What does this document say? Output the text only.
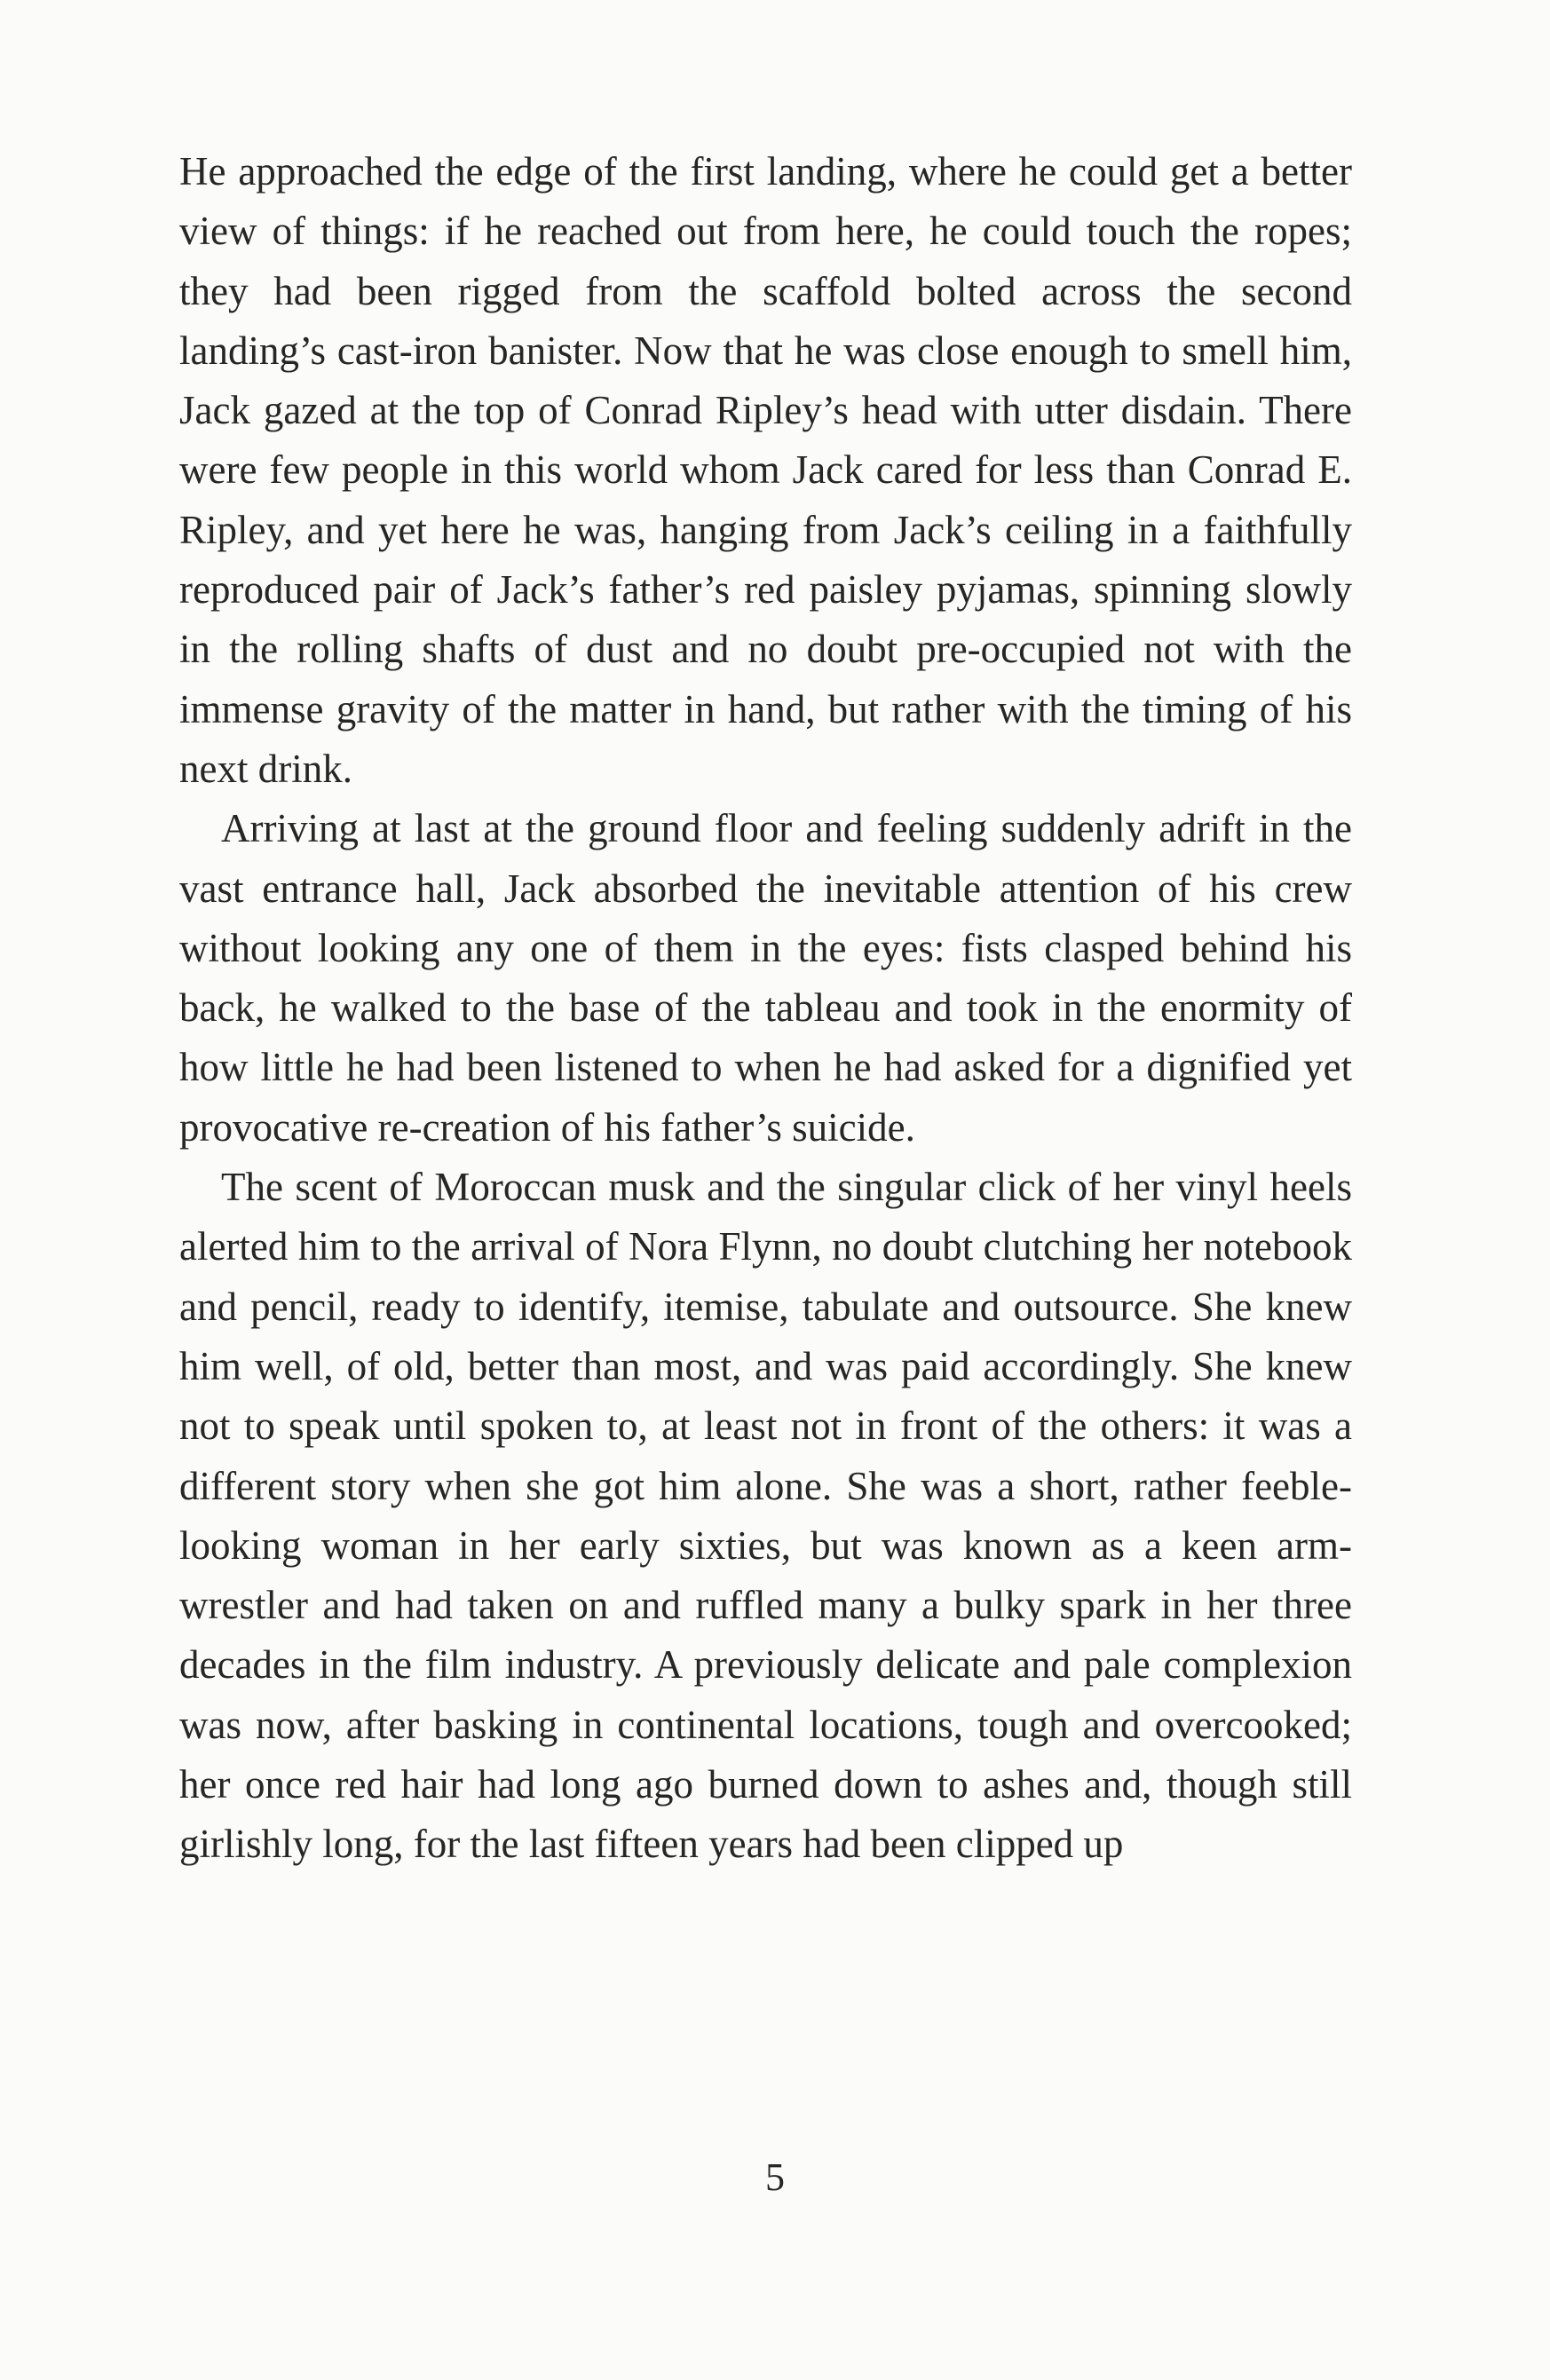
He approached the edge of the first landing, where he could get a better view of things: if he reached out from here, he could touch the ropes; they had been rigged from the scaffold bolted across the second landing’s cast-iron banister. Now that he was close enough to smell him, Jack gazed at the top of Conrad Ripley’s head with utter disdain. There were few people in this world whom Jack cared for less than Conrad E. Ripley, and yet here he was, hanging from Jack’s ceiling in a faithfully reproduced pair of Jack’s father’s red paisley pyjamas, spinning slowly in the rolling shafts of dust and no doubt pre-occupied not with the immense gravity of the matter in hand, but rather with the timing of his next drink.

Arriving at last at the ground floor and feeling suddenly adrift in the vast entrance hall, Jack absorbed the inevitable attention of his crew without looking any one of them in the eyes: fists clasped behind his back, he walked to the base of the tableau and took in the enormity of how little he had been listened to when he had asked for a dignified yet provocative re-creation of his father’s suicide.

The scent of Moroccan musk and the singular click of her vinyl heels alerted him to the arrival of Nora Flynn, no doubt clutching her notebook and pencil, ready to identify, itemise, tabulate and outsource. She knew him well, of old, better than most, and was paid accordingly. She knew not to speak until spoken to, at least not in front of the others: it was a different story when she got him alone. She was a short, rather feeble-looking woman in her early sixties, but was known as a keen arm-wrestler and had taken on and ruffled many a bulky spark in her three decades in the film industry. A previously delicate and pale complexion was now, after basking in continental locations, tough and overcooked; her once red hair had long ago burned down to ashes and, though still girlishly long, for the last fifteen years had been clipped up

5
